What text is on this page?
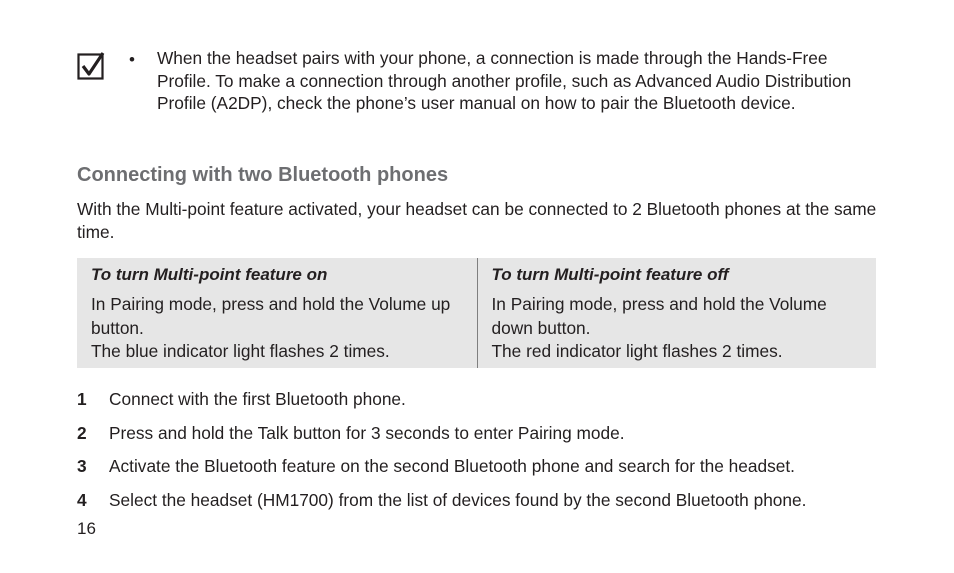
• When the headset pairs with your phone, a connection is made through the Hands-Free Profile. To make a connection through another profile, such as Advanced Audio Distribution Profile (A2DP), check the phone’s user manual on how to pair the Bluetooth device.
Connecting with two Bluetooth phones
With the Multi-point feature activated, your headset can be connected to 2 Bluetooth phones at the same time.
To turn Multi-point feature on
In Pairing mode, press and hold the Volume up button.
The blue indicator light flashes 2 times.
To turn Multi-point feature off
In Pairing mode, press and hold the Volume down button.
The red indicator light flashes 2 times.
1 Connect with the first Bluetooth phone.
2 Press and hold the Talk button for 3 seconds to enter Pairing mode.
3 Activate the Bluetooth feature on the second Bluetooth phone and search for the headset.
4 Select the headset (HM1700) from the list of devices found by the second Bluetooth phone.
16
